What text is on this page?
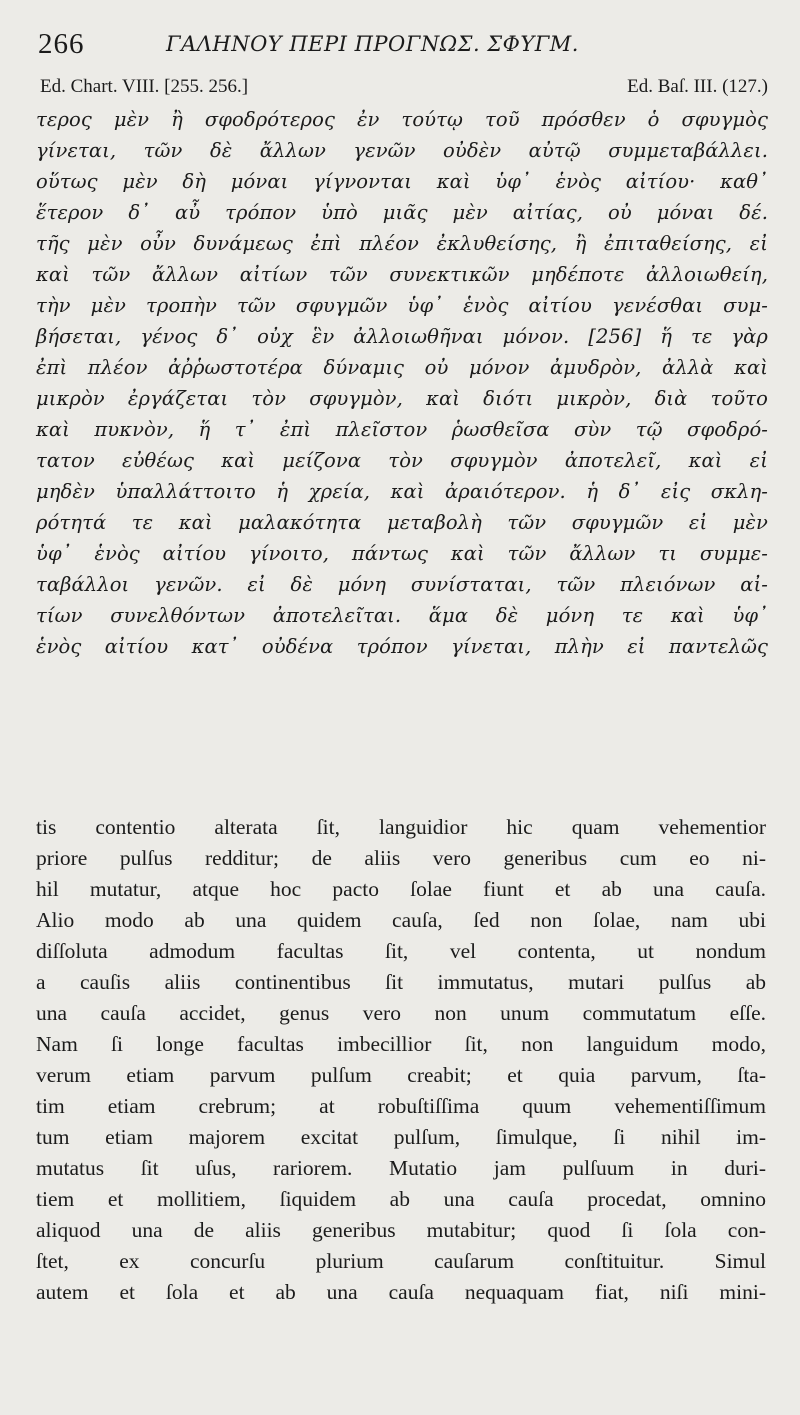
266	ΓΑΛΗΝΟΥ ΠΕΡΙ ΠΡΟΓΝΩΣ. ΣΦΥΓΜ.
Ed. Chart. VIII. [255. 256.]	Ed. Baſ. III. (127.)
τερος μὲν ἢ σφοδρότερος ἐν τούτῳ τοῦ πρόσθεν ὁ σφυγμὸς
γίνεται, τῶν δὲ ἄλλων γενῶν οὐδὲν αὐτῷ συμμεταβάλλει.
οὕτως μὲν δὴ μόναι γίγνονται καὶ ὑφ᾽ ἑνὸς αἰτίου· καθ᾽
ἕτερον δ᾽ αὖ τρόπον ὑπὸ μιᾶς μὲν αἰτίας, οὐ μόναι δέ.
τῆς μὲν οὖν δυνάμεως ἐπὶ πλέον ἐκλυθείσης, ἢ ἐπιταθείσης, εἰ
καὶ τῶν ἄλλων αἰτίων τῶν συνεκτικῶν μηδέποτε ἀλλοιωθείη,
τὴν μὲν τροπὴν τῶν σφυγμῶν ὑφ᾽ ἑνὸς αἰτίου γενέσθαι συμ-
βήσεται, γένος δ᾽ οὐχ ἓν ἀλλοιωθῆναι μόνον. [256] ἥ τε γὰρ
ἐπὶ πλέον ἀῤῥωστοτέρα δύναμις οὐ μόνον ἀμυδρὸν, ἀλλὰ καὶ
μικρὸν ἐργάζεται τὸν σφυγμὸν, καὶ διότι μικρὸν, διὰ τοῦτο
καὶ πυκνὸν, ἥ τ᾽ ἐπὶ πλεῖστον ῥωσθεῖσα σὺν τῷ σφοδρό-
τατον εὐθέως καὶ μείζονα τὸν σφυγμὸν ἀποτελεῖ, καὶ εἰ
μηδὲν ὑπαλλάττοιτο ἡ χρεία, καὶ ἀραιότερον. ἡ δ᾽ εἰς σκλη-
ρότητά τε καὶ μαλακότητα μεταβολὴ τῶν σφυγμῶν εἰ μὲν
ὑφ᾽ ἑνὸς αἰτίου γίνοιτο, πάντως καὶ τῶν ἄλλων τι συμμε-
ταβάλλοι γενῶν. εἰ δὲ μόνη συνίσταται, τῶν πλειόνων αἰ-
τίων συνελθόντων ἀποτελεῖται. ἅμα δὲ μόνη τε καὶ ὑφ᾽
ἑνὸς αἰτίου κατ᾽ οὐδένα τρόπον γίνεται, πλὴν εἰ παντελῶς
tis contentio alterata ſit, languidior hic quam vehementior
priore pulſus redditur; de aliis vero generibus cum eo ni-
hil mutatur, atque hoc pacto ſolae fiunt et ab una cauſa.
Alio modo ab una quidem cauſa, ſed non ſolae, nam ubi
diſſoluta admodum facultas ſit, vel contenta, ut nondum
a cauſis aliis continentibus ſit immutatus, mutari pulſus ab
una cauſa accidet, genus vero non unum commutatum eſſe.
Nam ſi longe facultas imbecillior ſit, non languidum modo,
verum etiam parvum pulſum creabit; et quia parvum, ſta-
tim etiam crebrum; at robuſtiſſima quum vehementiſſimum
tum etiam majorem excitat pulſum, ſimulque, ſi nihil im-
mutatus ſit uſus, rariorem. Mutatio jam pulſuum in duri-
tiem et mollitiem, ſiquidem ab una cauſa procedat, omnino
aliquod una de aliis generibus mutabitur; quod ſi ſola con-
ſtet, ex concurſu plurium cauſarum conſtituitur. Simul
autem et ſola et ab una cauſa nequaquam fiat, niſi mini-
